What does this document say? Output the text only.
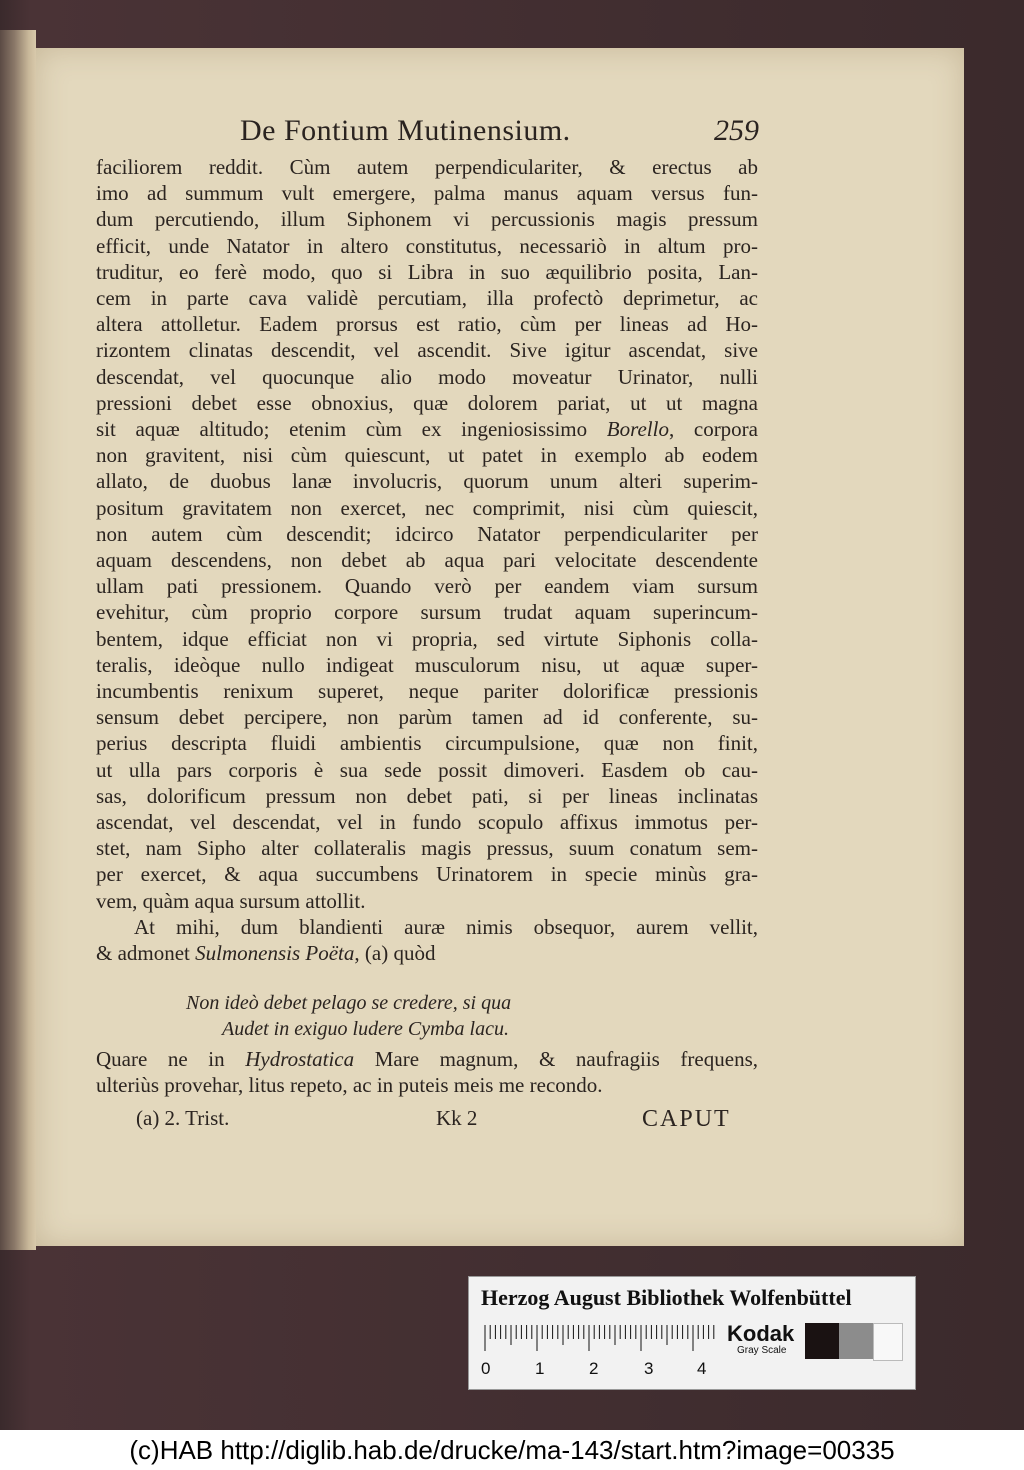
De Fontium Mutinensium.	259
faciliorem reddit. Cùm autem perpendiculariter, & erectus ab
imo ad summum vult emergere, palma manus aquam versus fun-
dum percutiendo, illum Siphonem vi percussionis magis pressum
efficit, unde Natator in altero constitutus, necessariò in altum pro-
truditur, eo ferè modo, quo si Libra in suo æquilibrio posita, Lan-
cem in parte cava validè percutiam, illa profectò deprimetur, ac
altera attolletur. Eadem prorsus est ratio, cùm per lineas ad Ho-
rizontem clinatas descendit, vel ascendit. Sive igitur ascendat, sive
descendat, vel quocunque alio modo moveatur Urinator, nulli
pressioni debet esse obnoxius, quæ dolorem pariat, ut ut magna
sit aquæ altitudo; etenim cùm ex ingeniosissimo Borello, corpora
non gravitent, nisi cùm quiescunt, ut patet in exemplo ab eodem
allato, de duobus lanæ involucris, quorum unum alteri superim-
positum gravitatem non exercet, nec comprimit, nisi cùm quiescit,
non autem cùm descendit; idcirco Natator perpendiculariter per
aquam descendens, non debet ab aqua pari velocitate descendente
ullam pati pressionem. Quando verò per eandem viam sursum
evehitur, cùm proprio corpore sursum trudat aquam superincum-
bentem, idque efficiat non vi propria, sed virtute Siphonis colla-
teralis, ideòque nullo indigeat musculorum nisu, ut aquæ super-
incumbentis renixum superet, neque pariter dolorificæ pressionis
sensum debet percipere, non parùm tamen ad id conferente, su-
perius descripta fluidi ambientis circumpulsione, quæ non finit,
ut ulla pars corporis è sua sede possit dimoveri. Easdem ob cau-
sas, dolorificum pressum non debet pati, si per lineas inclinatas
ascendat, vel descendat, vel in fundo scopulo affixus immotus per-
stet, nam Sipho alter collateralis magis pressus, suum conatum sem-
per exercet, & aqua succumbens Urinatorem in specie minùs gra-
vem, quàm aqua sursum attollit.
At mihi, dum blandienti auræ nimis obsequor, aurem vellit,
& admonet Sulmonensis Poëta, (a) quòd
Non ideò debet pelago se credere, si qua
Audet in exiguo ludere Cymba lacu.
Quare ne in Hydrostatica Mare magnum, & naufragiis frequens,
ulteriùs provehar, litus repeto, ac in puteis meis me recondo.
(a) 2. Trist.	Kk 2	CAPUT
Herzog August Bibliothek Wolfenbüttel
0	1	2	3	4
Kodak
Gray Scale
(c)HAB http://diglib.hab.de/drucke/ma-143/start.htm?image=00335
